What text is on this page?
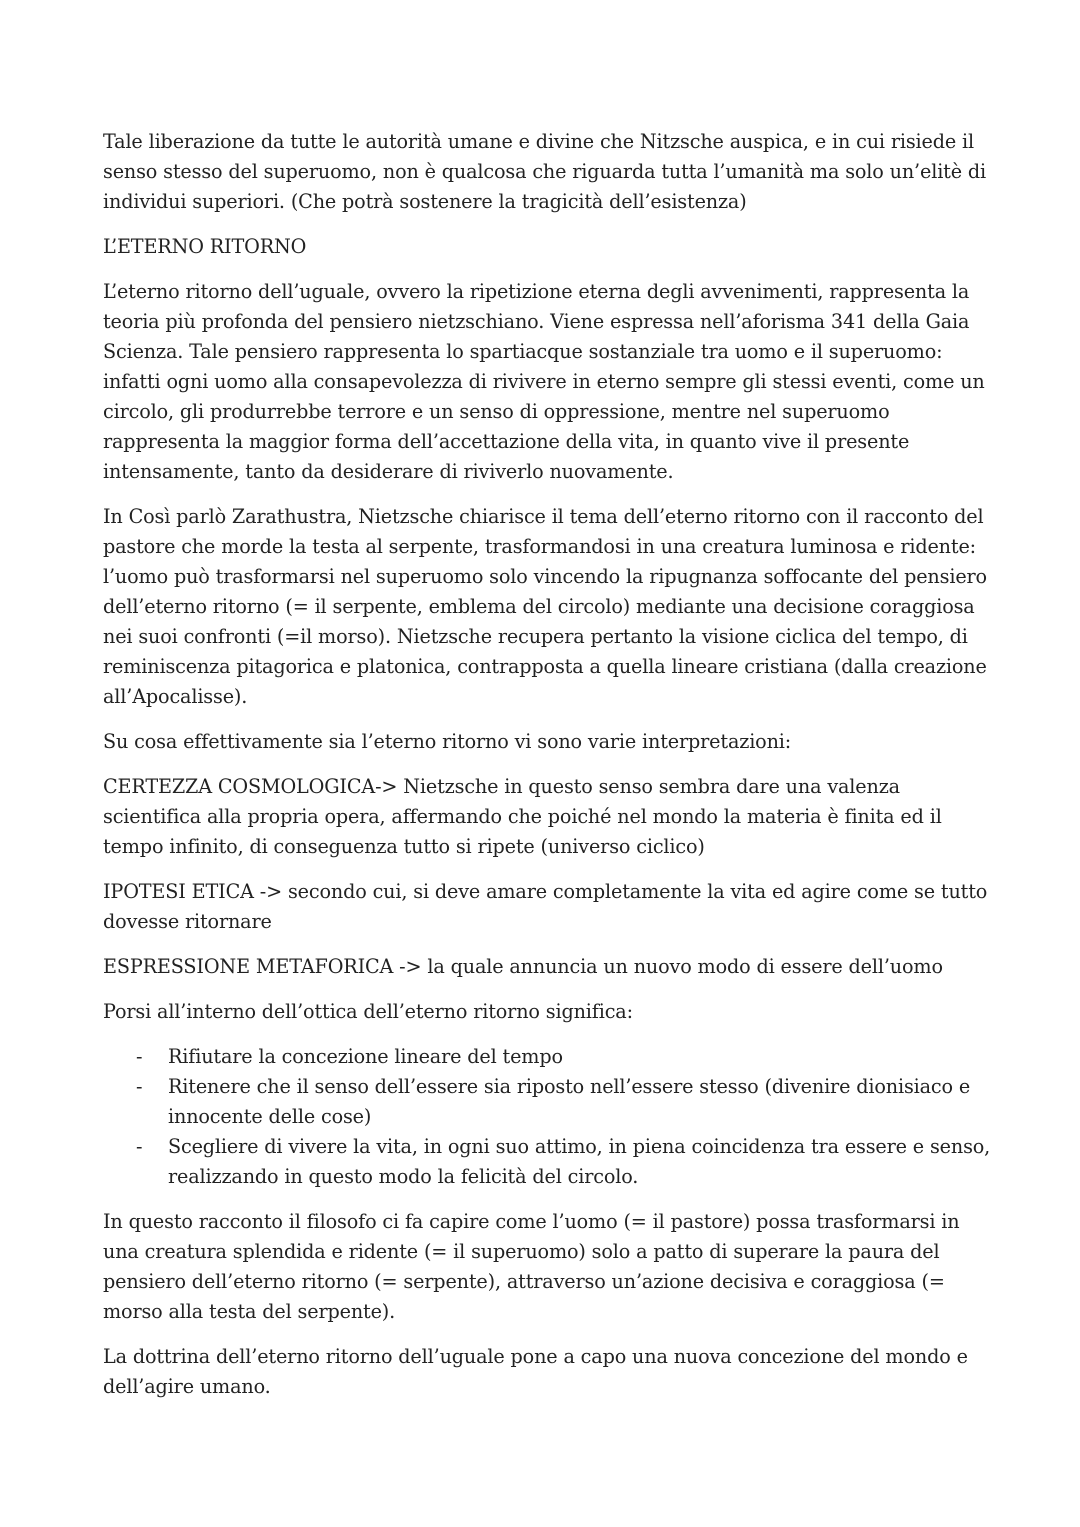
Tale liberazione da tutte le autorità umane e divine che Nitzsche auspica, e in cui risiede il senso stesso del superuomo, non è qualcosa che riguarda tutta l’umanità ma solo un’elitè di individui superiori. (Che potrà sostenere la tragicità dell’esistenza)

L’ETERNO RITORNO

L’eterno ritorno dell’uguale, ovvero la ripetizione eterna degli avvenimenti, rappresenta la teoria più profonda del pensiero nietzschiano. Viene espressa nell’aforisma 341 della Gaia Scienza. Tale pensiero rappresenta lo spartiacque sostanziale tra uomo e il superuomo: infatti ogni uomo alla consapevolezza di rivivere in eterno sempre gli stessi eventi, come un circolo, gli produrrebbe terrore e un senso di oppressione, mentre nel superuomo rappresenta la maggior forma dell’accettazione della vita, in quanto vive il presente intensamente, tanto da desiderare di riviverlo nuovamente.

In Così parlò Zarathustra, Nietzsche chiarisce il tema dell’eterno ritorno con il racconto del pastore che morde la testa al serpente, trasformandosi in una creatura luminosa e ridente: l’uomo può trasformarsi nel superuomo solo vincendo la ripugnanza soffocante del pensiero dell’eterno ritorno (= il serpente, emblema del circolo) mediante una decisione coraggiosa nei suoi confronti (=il morso). Nietzsche recupera pertanto la visione ciclica del tempo, di reminiscenza pitagorica e platonica, contrapposta a quella lineare cristiana (dalla creazione all’Apocalisse).

Su cosa effettivamente sia l’eterno ritorno vi sono varie interpretazioni:

CERTEZZA COSMOLOGICA-> Nietzsche in questo senso sembra dare una valenza scientifica alla propria opera, affermando che poiché nel mondo la materia è finita ed il tempo infinito, di conseguenza tutto si ripete (universo ciclico)

IPOTESI ETICA -> secondo cui, si deve amare completamente la vita ed agire come se tutto dovesse ritornare

ESPRESSIONE METAFORICA -> la quale annuncia un nuovo modo di essere dell’uomo

Porsi all’interno dell’ottica dell’eterno ritorno significa:

- Rifiutare la concezione lineare del tempo
- Ritenere che il senso dell’essere sia riposto nell’essere stesso (divenire dionisiaco e innocente delle cose)
- Scegliere di vivere la vita, in ogni suo attimo, in piena coincidenza tra essere e senso, realizzando in questo modo la felicità del circolo.

In questo racconto il filosofo ci fa capire come l’uomo (= il pastore) possa trasformarsi in una creatura splendida e ridente (= il superuomo) solo a patto di superare la paura del pensiero dell’eterno ritorno (= serpente), attraverso un’azione decisiva e coraggiosa (= morso alla testa del serpente).

La dottrina dell’eterno ritorno dell’uguale pone a capo una nuova concezione del mondo e dell’agire umano.
